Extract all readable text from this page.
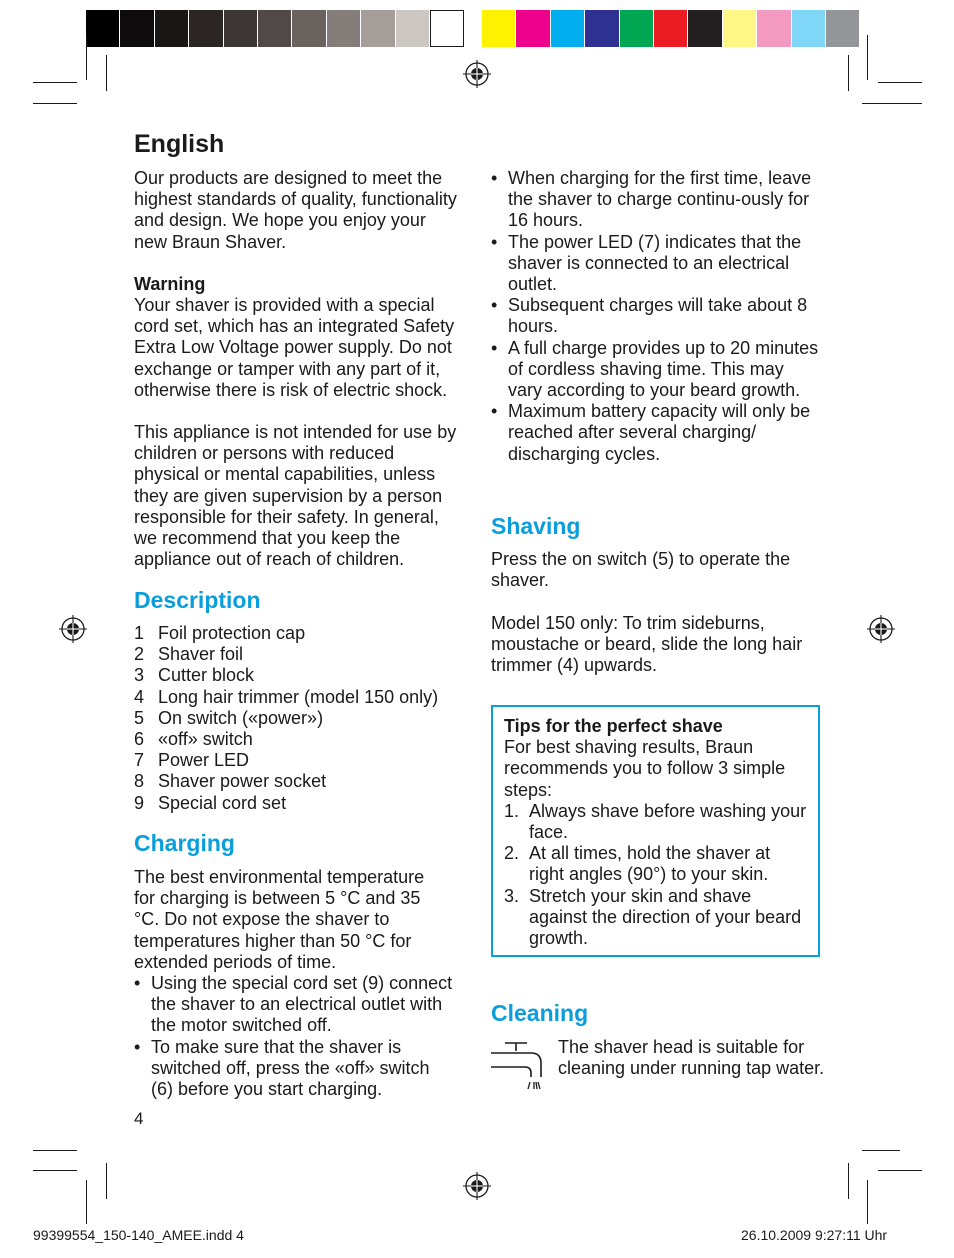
English
Our products are designed to meet the highest standards of quality, functionality and design. We hope you enjoy your new Braun Shaver.
Warning
Your shaver is provided with a special cord set, which has an integrated Safety Extra Low Voltage power supply. Do not exchange or tamper with any part of it, otherwise there is risk of electric shock.
This appliance is not intended for use by children or persons with reduced physical or mental capabilities, unless they are given supervision by a person responsible for their safety. In general, we recommend that you keep the appliance out of reach of children.
Description
1 Foil protection cap
2 Shaver foil
3 Cutter block
4 Long hair trimmer (model 150 only)
5 On switch («power»)
6 «off» switch
7 Power LED
8 Shaver power socket
9 Special cord set
Charging
The best environmental temperature for charging is between 5 °C and 35 °C. Do not expose the shaver to temperatures higher than 50 °C for extended periods of time.
• Using the special cord set (9) connect the shaver to an electrical outlet with the motor switched off.
• To make sure that the shaver is switched off, press the «off» switch (6) before you start charging.
4
• When charging for the first time, leave the shaver to charge continu-ously for 16 hours.
• The power LED (7) indicates that the shaver is connected to an electrical outlet.
• Subsequent charges will take about 8 hours.
• A full charge provides up to 20 minutes of cordless shaving time. This may vary according to your beard growth.
• Maximum battery capacity will only be reached after several charging/ discharging cycles.
Shaving
Press the on switch (5) to operate the shaver.
Model 150 only: To trim sideburns, moustache or beard, slide the long hair trimmer (4) upwards.
Tips for the perfect shave
For best shaving results, Braun recommends you to follow 3 simple steps:
1. Always shave before washing your face.
2. At all times, hold the shaver at right angles (90°) to your skin.
3. Stretch your skin and shave against the direction of your beard growth.
Cleaning
The shaver head is suitable for cleaning under running tap water.
99399554_150-140_AMEE.indd 4	26.10.2009 9:27:11 Uhr
